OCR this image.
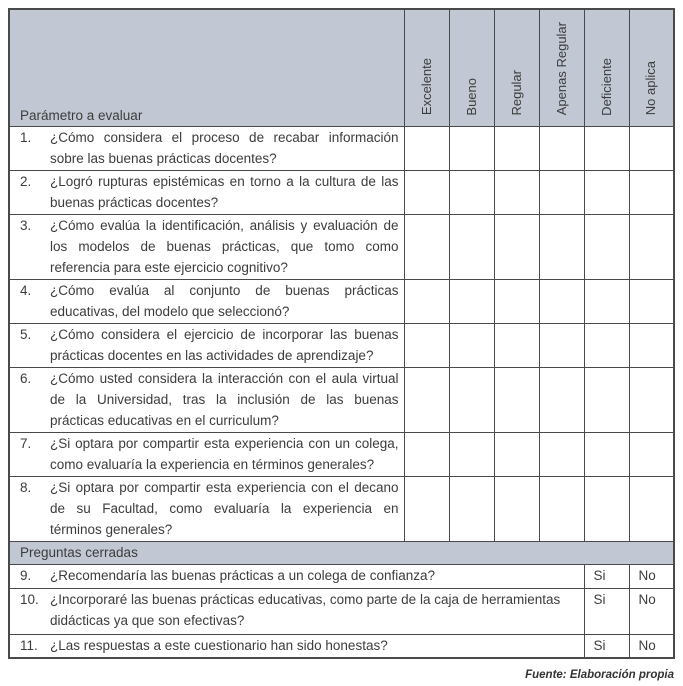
Parámetro a evaluar	Excelente	Bueno	Regular	Apenas Regular	Deficiente	No aplica

1. ¿Cómo considera el proceso de recabar información sobre las buenas prácticas docentes?						

2. ¿Logró rupturas epistémicas en torno a la cultura de las buenas prácticas docentes?						

3. ¿Cómo evalúa la identificación, análisis y evaluación de los modelos de buenas prácticas, que tomo como referencia para este ejercicio cognitivo?						

4. ¿Cómo evalúa al conjunto de buenas prácticas educativas, del modelo que seleccionó?						

5. ¿Cómo considera el ejercicio de incorporar las buenas prácticas docentes en las actividades de aprendizaje?						

6. ¿Cómo usted considera la interacción con el aula virtual de la Universidad, tras la inclusión de las buenas prácticas educativas en el curriculum?						

7. ¿Si optara por compartir esta experiencia con un colega, como evaluaría la experiencia en términos generales?						

8. ¿Si optara por compartir esta experiencia con el decano de su Facultad, como evaluaría la experiencia en términos generales?						

Preguntas cerradas						

9. ¿Recomendaría las buenas prácticas a un colega de confianza?					Si	No

10. ¿Incorporaré las buenas prácticas educativas, como parte de la caja de herramientas didácticas ya que son efectivas?					Si	No

11. ¿Las respuestas a este cuestionario han sido honestas?					Si	No
Fuente: Elaboración propia
